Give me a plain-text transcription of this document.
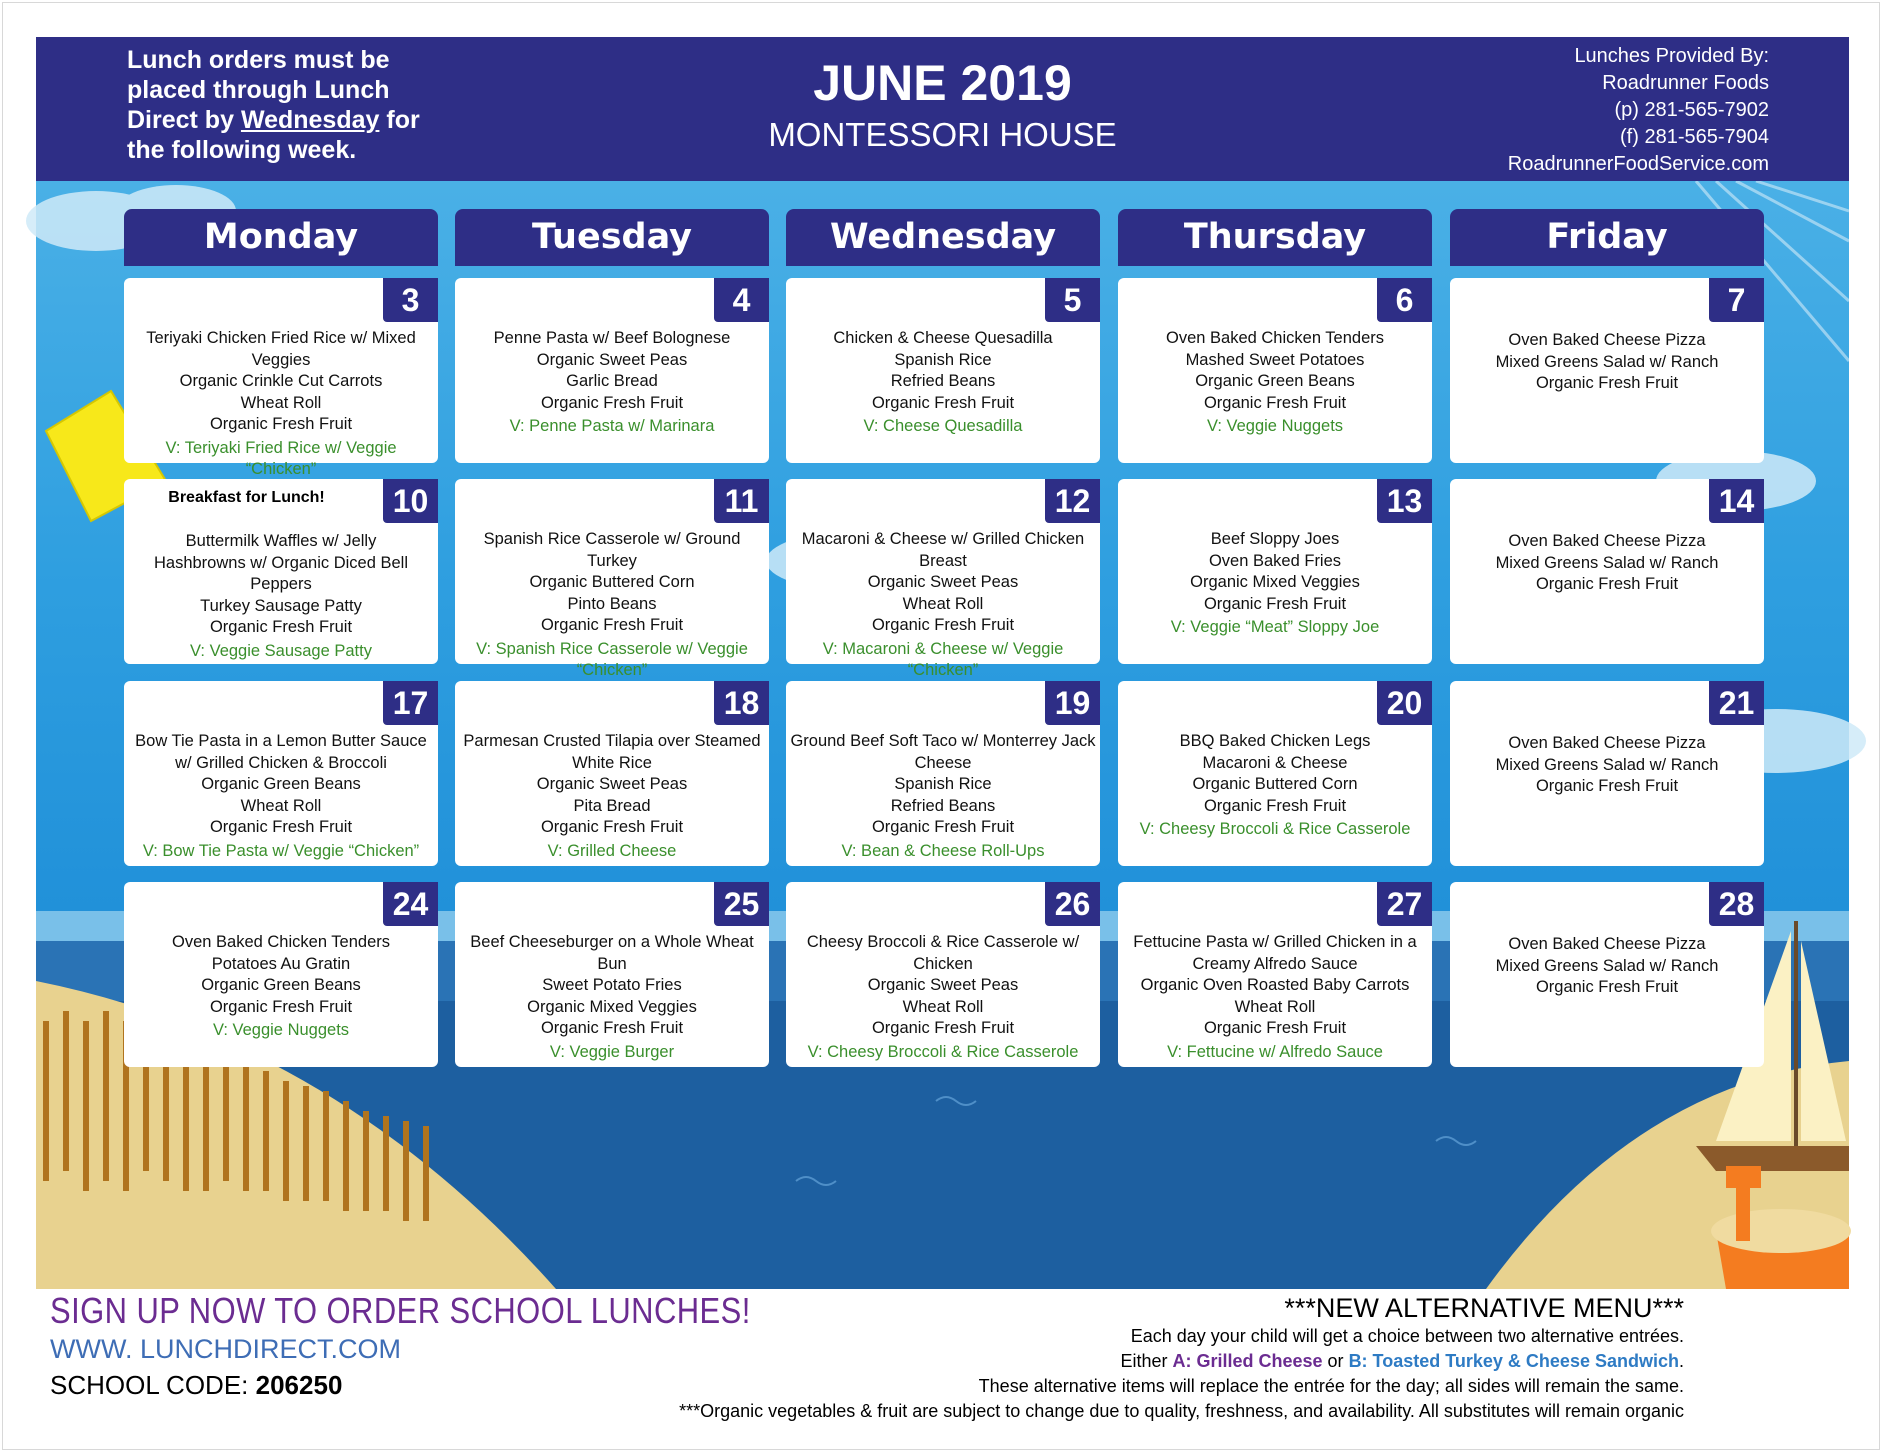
Lunch orders must be placed through Lunch Direct by Wednesday for the following week.
JUNE 2019
MONTESSORI HOUSE
Lunches Provided By:
Roadrunner Foods
(p) 281-565-7902
(f) 281-565-7904
RoadrunnerFoodService.com
Monday	Tuesday	Wednesday	Thursday	Friday
3
Teriyaki Chicken Fried Rice w/ Mixed Veggies
Organic Crinkle Cut Carrots
Wheat Roll
Organic Fresh Fruit
V: Teriyaki Fried Rice w/ Veggie “Chicken”
4
Penne Pasta w/ Beef Bolognese
Organic Sweet Peas
Garlic Bread
Organic Fresh Fruit
V: Penne Pasta w/ Marinara
5
Chicken & Cheese Quesadilla
Spanish Rice
Refried Beans
Organic Fresh Fruit
V: Cheese Quesadilla
6
Oven Baked Chicken Tenders
Mashed Sweet Potatoes
Organic Green Beans
Organic Fresh Fruit
V: Veggie Nuggets
7
Oven Baked Cheese Pizza
Mixed Greens Salad w/ Ranch
Organic Fresh Fruit
10
Breakfast for Lunch!
Buttermilk Waffles w/ Jelly
Hashbrowns w/ Organic Diced Bell Peppers
Turkey Sausage Patty
Organic Fresh Fruit
V: Veggie Sausage Patty
11
Spanish Rice Casserole w/ Ground Turkey
Organic Buttered Corn
Pinto Beans
Organic Fresh Fruit
V: Spanish Rice Casserole w/ Veggie “Chicken”
12
Macaroni & Cheese w/ Grilled Chicken Breast
Organic Sweet Peas
Wheat Roll
Organic Fresh Fruit
V: Macaroni & Cheese w/ Veggie “Chicken”
13
Beef Sloppy Joes
Oven Baked Fries
Organic Mixed Veggies
Organic Fresh Fruit
V: Veggie “Meat” Sloppy Joe
14
Oven Baked Cheese Pizza
Mixed Greens Salad w/ Ranch
Organic Fresh Fruit
17
Bow Tie Pasta in a Lemon Butter Sauce w/ Grilled Chicken & Broccoli
Organic Green Beans
Wheat Roll
Organic Fresh Fruit
V: Bow Tie Pasta w/ Veggie “Chicken”
18
Parmesan Crusted Tilapia over Steamed White Rice
Organic Sweet Peas
Pita Bread
Organic Fresh Fruit
V: Grilled Cheese
19
Ground Beef Soft Taco w/ Monterrey Jack Cheese
Spanish Rice
Refried Beans
Organic Fresh Fruit
V: Bean & Cheese Roll-Ups
20
BBQ Baked Chicken Legs
Macaroni & Cheese
Organic Buttered Corn
Organic Fresh Fruit
V: Cheesy Broccoli & Rice Casserole
21
Oven Baked Cheese Pizza
Mixed Greens Salad w/ Ranch
Organic Fresh Fruit
24
Oven Baked Chicken Tenders
Potatoes Au Gratin
Organic Green Beans
Organic Fresh Fruit
V: Veggie Nuggets
25
Beef Cheeseburger on a Whole Wheat Bun
Sweet Potato Fries
Organic Mixed Veggies
Organic Fresh Fruit
V: Veggie Burger
26
Cheesy Broccoli & Rice Casserole w/ Chicken
Organic Sweet Peas
Wheat Roll
Organic Fresh Fruit
V: Cheesy Broccoli & Rice Casserole
27
Fettucine Pasta w/ Grilled Chicken in a Creamy Alfredo Sauce
Organic Oven Roasted Baby Carrots
Wheat Roll
Organic Fresh Fruit
V: Fettucine w/ Alfredo Sauce
28
Oven Baked Cheese Pizza
Mixed Greens Salad w/ Ranch
Organic Fresh Fruit
SIGN UP NOW TO ORDER SCHOOL LUNCHES!
WWW. LUNCHDIRECT.COM
SCHOOL CODE: 206250
***NEW ALTERNATIVE MENU***
Each day your child will get a choice between two alternative entrées.
Either A: Grilled Cheese or B: Toasted Turkey & Cheese Sandwich.
These alternative items will replace the entrée for the day; all sides will remain the same.
***Organic vegetables & fruit are subject to change due to quality, freshness, and availability. All substitutes will remain organic
